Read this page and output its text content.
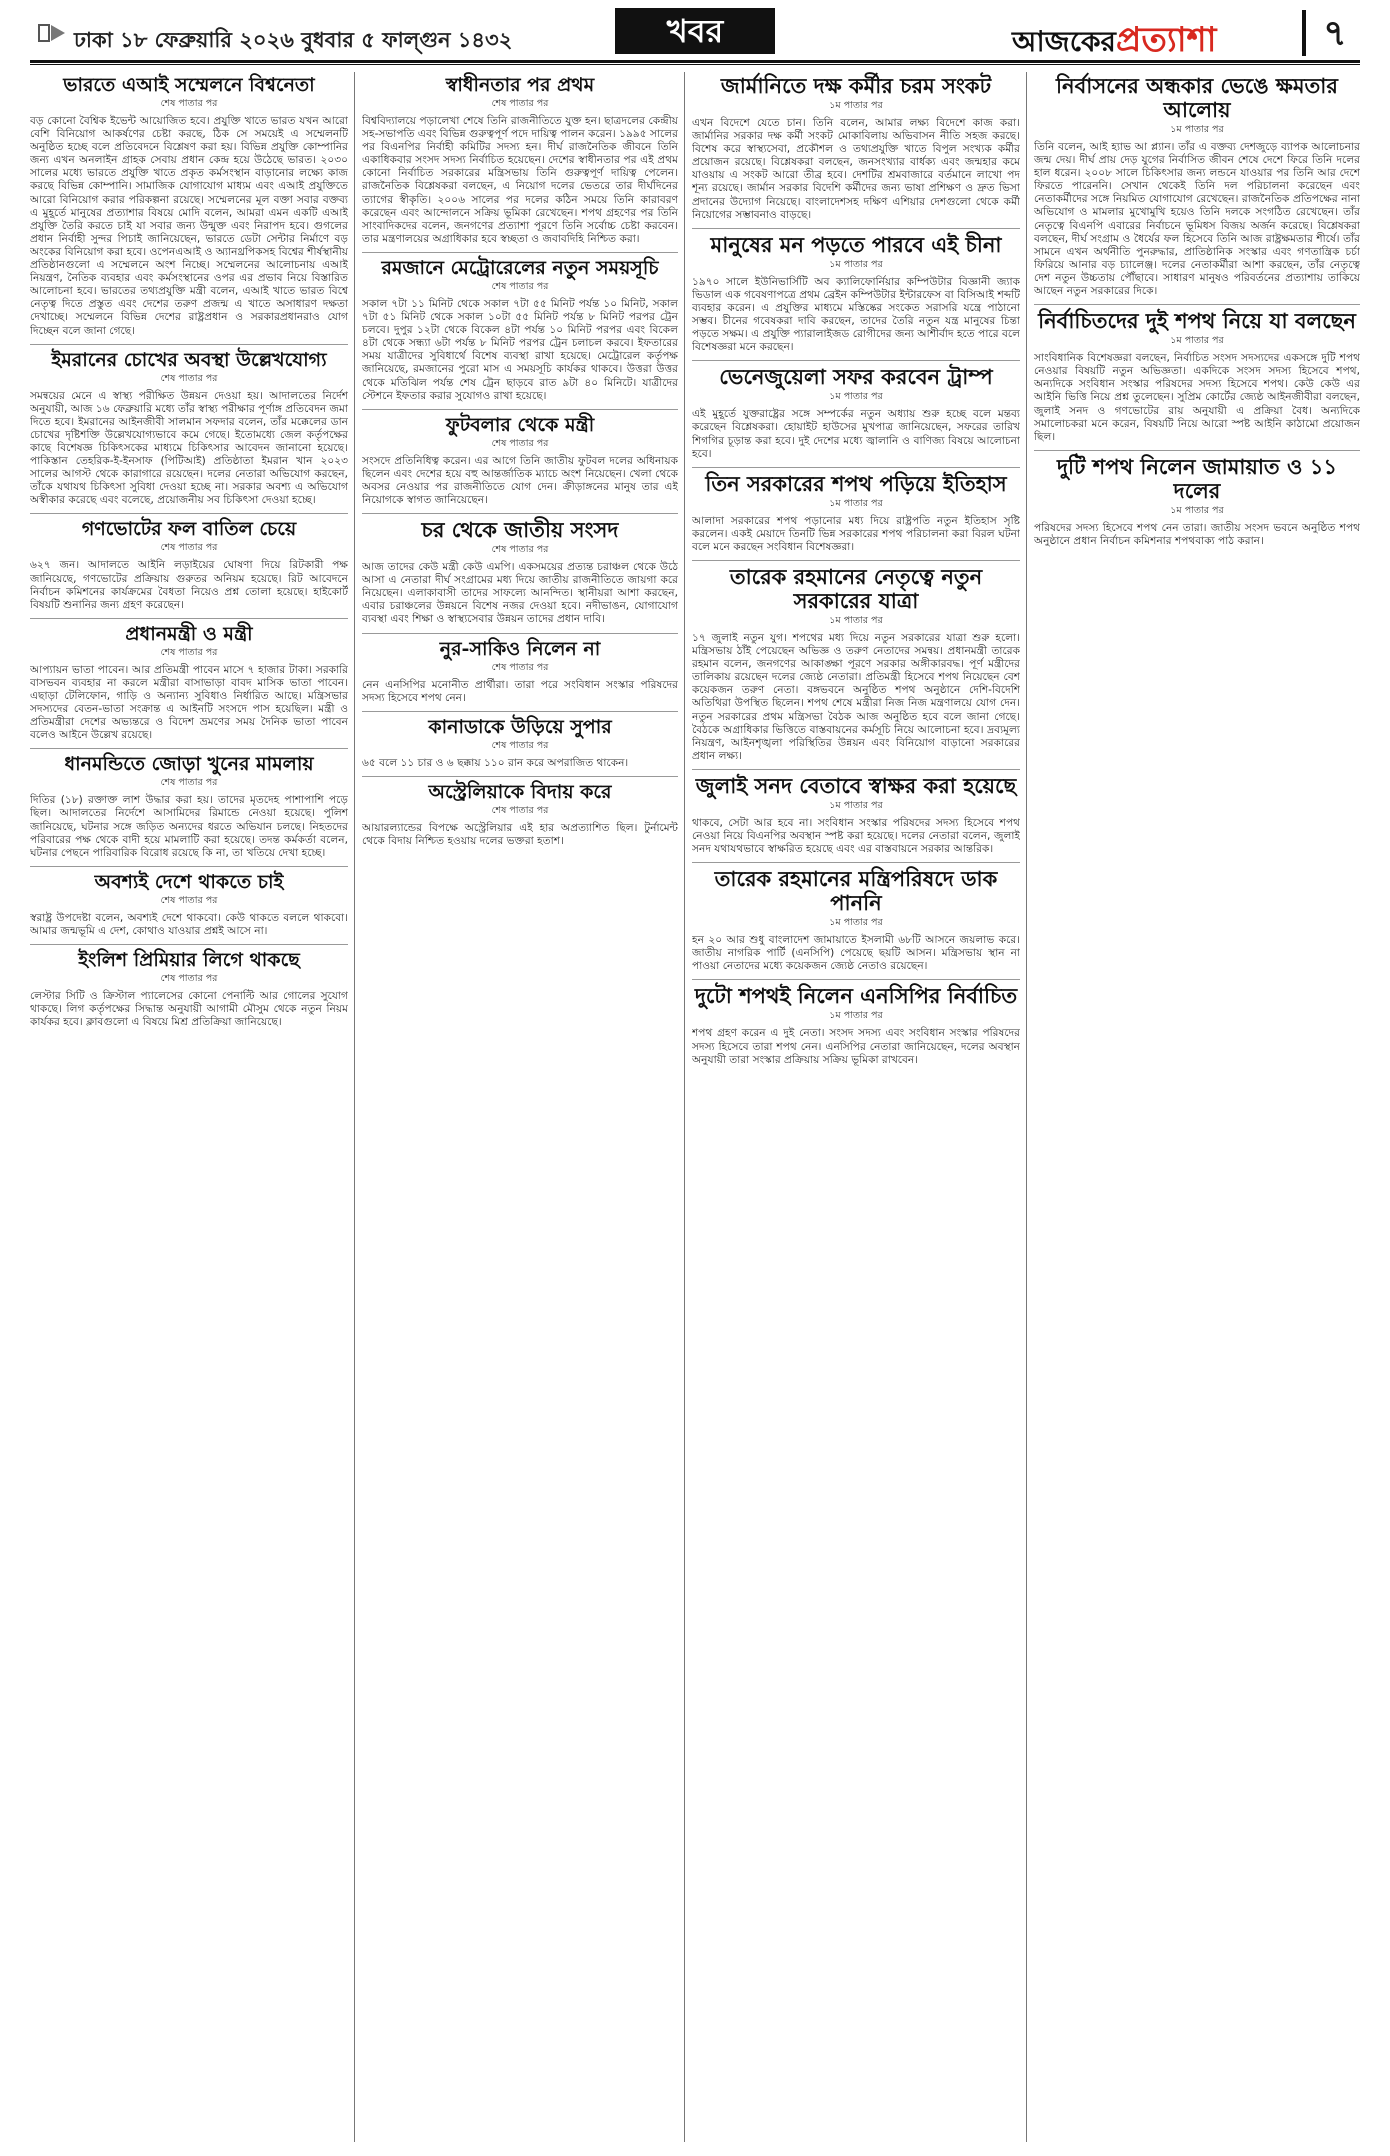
ঢাকা ১৮ ফেব্রুয়ারি ২০২৬ বুধবার ৫ ফাল্গুন ১৪৩২	খবর	আজকেরপ্রত্যাশা	৭
ভারতে এআই সম্মেলনে বিশ্বনেতা
শেষ পাতার পর

বড় কোনো বৈশ্বিক ইভেন্ট আয়োজিত হবে। প্রযুক্তি খাতে ভারত যখন আরো বেশি বিনিয়োগ আকর্ষণের চেষ্টা করছে, ঠিক সে সময়েই এ সম্মেলনটি অনুষ্ঠিত হচ্ছে বলে প্রতিবেদনে বিশ্লেষণ করা হয়। বিভিন্ন প্রযুক্তি কোম্পানির জন্য এখন অনলাইন গ্রাহক সেবায় প্রধান কেন্দ্র হয়ে উঠেছে ভারত। ২০৩০ সালের মধ্যে ভারতে প্রযুক্তি খাতে প্রকৃত কর্মসংস্থান বাড়ানোর লক্ষ্যে কাজ করছে বিভিন্ন কোম্পানি। সামাজিক যোগাযোগ মাধ্যম এবং এআই প্রযুক্তিতে আরো বিনিয়োগ করার পরিকল্পনা রয়েছে। সম্মেলনের মূল বক্তা সবার বক্তব্য এ মুহূর্তে মানুষের প্রত্যাশার বিষয়ে মোদি বলেন, আমরা এমন একটি এআই প্রযুক্তি তৈরি করতে চাই যা সবার জন্য উন্মুক্ত এবং নিরাপদ হবে। গুগলের প্রধান নির্বাহী সুন্দর পিচাই জানিয়েছেন, ভারতে ডেটা সেন্টার নির্মাণে বড় অংকের বিনিয়োগ করা হবে। ওপেনএআই ও অ্যানথ্রপিকসহ বিশ্বের শীর্ষস্থানীয় প্রতিষ্ঠানগুলো এ সম্মেলনে অংশ নিচ্ছে। সম্মেলনের আলোচনায় এআই নিয়ন্ত্রণ, নৈতিক ব্যবহার এবং কর্মসংস্থানের ওপর এর প্রভাব নিয়ে বিস্তারিত আলোচনা হবে। ভারতের তথ্যপ্রযুক্তি মন্ত্রী বলেন, এআই খাতে ভারত বিশ্বে নেতৃত্ব দিতে প্রস্তুত এবং দেশের তরুণ প্রজন্ম এ খাতে অসাধারণ দক্ষতা দেখাচ্ছে। সম্মেলনে বিভিন্ন দেশের রাষ্ট্রপ্রধান ও সরকারপ্রধানরাও যোগ দিচ্ছেন বলে জানা গেছে।

ইমরানের চোখের অবস্থা উল্লেখযোগ্য
শেষ পাতার পর

সমন্বয়ের মেনে এ স্বাস্থ্য পরীক্ষিত উন্নয়ন দেওয়া হয়। আদালতের নির্দেশ অনুযায়ী, আজ ১৬ ফেব্রুয়ারি মধ্যে তাঁর স্বাস্থ্য পরীক্ষার পূর্ণাঙ্গ প্রতিবেদন জমা দিতে হবে। ইমরানের আইনজীবী সালমান সফদার বলেন, তাঁর মক্কেলের ডান চোখের দৃষ্টিশক্তি উল্লেখযোগ্যভাবে কমে গেছে। ইতোমধ্যে জেল কর্তৃপক্ষের কাছে বিশেষজ্ঞ চিকিৎসকের মাধ্যমে চিকিৎসার আবেদন জানানো হয়েছে। পাকিস্তান তেহরিক-ই-ইনসাফ (পিটিআই) প্রতিষ্ঠাতা ইমরান খান ২০২৩ সালের আগস্ট থেকে কারাগারে রয়েছেন। দলের নেতারা অভিযোগ করছেন, তাঁকে যথাযথ চিকিৎসা সুবিধা দেওয়া হচ্ছে না। সরকার অবশ্য এ অভিযোগ অস্বীকার করেছে এবং বলেছে, প্রয়োজনীয় সব চিকিৎসা দেওয়া হচ্ছে।

গণভোটের ফল বাতিল চেয়ে
শেষ পাতার পর

৬২৭ জন। আদালতে আইনি লড়াইয়ের ঘোষণা দিয়ে রিটকারী পক্ষ জানিয়েছে, গণভোটের প্রক্রিয়ায় গুরুতর অনিয়ম হয়েছে। রিট আবেদনে নির্বাচন কমিশনের কার্যক্রমের বৈধতা নিয়েও প্রশ্ন তোলা হয়েছে। হাইকোর্ট বিষয়টি শুনানির জন্য গ্রহণ করেছেন।

প্রধানমন্ত্রী ও মন্ত্রী
শেষ পাতার পর

আপ্যায়ন ভাতা পাবেন। আর প্রতিমন্ত্রী পাবেন মাসে ৭ হাজার টাকা। সরকারি বাসভবন ব্যবহার না করলে মন্ত্রীরা বাসাভাড়া বাবদ মাসিক ভাতা পাবেন। এছাড়া টেলিফোন, গাড়ি ও অন্যান্য সুবিধাও নির্ধারিত আছে। মন্ত্রিসভার সদস্যদের বেতন-ভাতা সংক্রান্ত এ আইনটি সংসদে পাস হয়েছিল। মন্ত্রী ও প্রতিমন্ত্রীরা দেশের অভ্যন্তরে ও বিদেশ ভ্রমণের সময় দৈনিক ভাতা পাবেন বলেও আইনে উল্লেখ রয়েছে।

ধানমন্ডিতে জোড়া খুনের মামলায়
শেষ পাতার পর

দিতির (১৮) রক্তাক্ত লাশ উদ্ধার করা হয়। তাদের মৃতদেহ পাশাপাশি পড়ে ছিল। আদালতের নির্দেশে আসামিদের রিমান্ডে নেওয়া হয়েছে। পুলিশ জানিয়েছে, ঘটনার সঙ্গে জড়িত অন্যদের ধরতে অভিযান চলছে। নিহতদের পরিবারের পক্ষ থেকে বাদী হয়ে মামলাটি করা হয়েছে। তদন্ত কর্মকর্তা বলেন, ঘটনার পেছনে পারিবারিক বিরোধ রয়েছে কি না, তা খতিয়ে দেখা হচ্ছে।

অবশ্যই দেশে থাকতে চাই
শেষ পাতার পর

স্বরাষ্ট্র উপদেষ্টা বলেন, অবশ্যই দেশে থাকবো। কেউ থাকতে বললে থাকবো। আমার জন্মভূমি এ দেশ, কোথাও যাওয়ার প্রশ্নই আসে না।

ইংলিশ প্রিমিয়ার লিগে থাকছে
শেষ পাতার পর

লেস্টার সিটি ও ক্রিস্টাল প্যালেসের কোনো পেনাল্টি আর গোলের সুযোগ থাকছে। লিগ কর্তৃপক্ষের সিদ্ধান্ত অনুযায়ী আগামী মৌসুম থেকে নতুন নিয়ম কার্যকর হবে। ক্লাবগুলো এ বিষয়ে মিশ্র প্রতিক্রিয়া জানিয়েছে।

স্বাধীনতার পর প্রথম
শেষ পাতার পর

বিশ্ববিদ্যালয়ে পড়ালেখা শেষে তিনি রাজনীতিতে যুক্ত হন। ছাত্রদলের কেন্দ্রীয় সহ-সভাপতি এবং বিভিন্ন গুরুত্বপূর্ণ পদে দায়িত্ব পালন করেন। ১৯৯৫ সালের পর বিএনপির নির্বাহী কমিটির সদস্য হন। দীর্ঘ রাজনৈতিক জীবনে তিনি একাধিকবার সংসদ সদস্য নির্বাচিত হয়েছেন। দেশের স্বাধীনতার পর এই প্রথম কোনো নির্বাচিত সরকারের মন্ত্রিসভায় তিনি গুরুত্বপূর্ণ দায়িত্ব পেলেন। রাজনৈতিক বিশ্লেষকরা বলছেন, এ নিয়োগ দলের ভেতরে তার দীর্ঘদিনের ত্যাগের স্বীকৃতি। ২০০৬ সালের পর দলের কঠিন সময়ে তিনি কারাবরণ করেছেন এবং আন্দোলনে সক্রিয় ভূমিকা রেখেছেন। শপথ গ্রহণের পর তিনি সাংবাদিকদের বলেন, জনগণের প্রত্যাশা পূরণে তিনি সর্বোচ্চ চেষ্টা করবেন। তার মন্ত্রণালয়ের অগ্রাধিকার হবে স্বচ্ছতা ও জবাবদিহি নিশ্চিত করা।

রমজানে মেট্রোরেলের নতুন সময়সূচি
শেষ পাতার পর

সকাল ৭টা ১১ মিনিট থেকে সকাল ৭টা ৫৫ মিনিট পর্যন্ত ১০ মিনিট, সকাল ৭টা ৫১ মিনিট থেকে সকাল ১০টা ৫৫ মিনিট পর্যন্ত ৮ মিনিট পরপর ট্রেন চলবে। দুপুর ১২টা থেকে বিকেল ৪টা পর্যন্ত ১০ মিনিট পরপর এবং বিকেল ৪টা থেকে সন্ধ্যা ৬টা পর্যন্ত ৮ মিনিট পরপর ট্রেন চলাচল করবে। ইফতারের সময় যাত্রীদের সুবিধার্থে বিশেষ ব্যবস্থা রাখা হয়েছে। মেট্রোরেল কর্তৃপক্ষ জানিয়েছে, রমজানের পুরো মাস এ সময়সূচি কার্যকর থাকবে। উত্তরা উত্তর থেকে মতিঝিল পর্যন্ত শেষ ট্রেন ছাড়বে রাত ৯টা ৪০ মিনিটে। যাত্রীদের স্টেশনে ইফতার করার সুযোগও রাখা হয়েছে।

ফুটবলার থেকে মন্ত্রী
শেষ পাতার পর

সংসদে প্রতিনিধিত্ব করেন। এর আগে তিনি জাতীয় ফুটবল দলের অধিনায়ক ছিলেন এবং দেশের হয়ে বহু আন্তর্জাতিক ম্যাচে অংশ নিয়েছেন। খেলা থেকে অবসর নেওয়ার পর রাজনীতিতে যোগ দেন। ক্রীড়াঙ্গনের মানুষ তার এই নিয়োগকে স্বাগত জানিয়েছেন।

চর থেকে জাতীয় সংসদ
শেষ পাতার পর

আজ তাদের কেউ মন্ত্রী কেউ এমপি। একসময়ের প্রত্যন্ত চরাঞ্চল থেকে উঠে আসা এ নেতারা দীর্ঘ সংগ্রামের মধ্য দিয়ে জাতীয় রাজনীতিতে জায়গা করে নিয়েছেন। এলাকাবাসী তাদের সাফল্যে আনন্দিত। স্থানীয়রা আশা করছেন, এবার চরাঞ্চলের উন্নয়নে বিশেষ নজর দেওয়া হবে। নদীভাঙন, যোগাযোগ ব্যবস্থা এবং শিক্ষা ও স্বাস্থ্যসেবার উন্নয়ন তাদের প্রধান দাবি।

নুর-সাকিও নিলেন না
শেষ পাতার পর

নেন এনসিপির মনোনীত প্রার্থীরা। তারা পরে সংবিধান সংস্কার পরিষদের সদস্য হিসেবে শপথ নেন।

কানাডাকে উড়িয়ে সুপার
শেষ পাতার পর

৬৫ বলে ১১ চার ও ৬ ছক্কায় ১১০ রান করে অপরাজিত থাকেন।

অস্ট্রেলিয়াকে বিদায় করে
শেষ পাতার পর

আয়ারল্যান্ডের বিপক্ষে অস্ট্রেলিয়ার এই হার অপ্রত্যাশিত ছিল। টুর্নামেন্ট থেকে বিদায় নিশ্চিত হওয়ায় দলের ভক্তরা হতাশ।

জার্মানিতে দক্ষ কর্মীর চরম সংকট
১ম পাতার পর

এখন বিদেশে যেতে চান। তিনি বলেন, আমার লক্ষ্য বিদেশে কাজ করা। জার্মানির সরকার দক্ষ কর্মী সংকট মোকাবিলায় অভিবাসন নীতি সহজ করছে। বিশেষ করে স্বাস্থ্যসেবা, প্রকৌশল ও তথ্যপ্রযুক্তি খাতে বিপুল সংখ্যক কর্মীর প্রয়োজন রয়েছে। বিশ্লেষকরা বলছেন, জনসংখ্যার বার্ধক্য এবং জন্মহার কমে যাওয়ায় এ সংকট আরো তীব্র হবে। দেশটির শ্রমবাজারে বর্তমানে লাখো পদ শূন্য রয়েছে। জার্মান সরকার বিদেশি কর্মীদের জন্য ভাষা প্রশিক্ষণ ও দ্রুত ভিসা প্রদানের উদ্যোগ নিয়েছে। বাংলাদেশসহ দক্ষিণ এশিয়ার দেশগুলো থেকে কর্মী নিয়োগের সম্ভাবনাও বাড়ছে।

মানুষের মন পড়তে পারবে এই চীনা
১ম পাতার পর

১৯৭০ সালে ইউনিভার্সিটি অব ক্যালিফোর্নিয়ার কম্পিউটার বিজ্ঞানী জ্যাক ভিডাল এক গবেষণাপত্রে প্রথম ব্রেইন কম্পিউটার ইন্টারফেস বা বিসিআই শব্দটি ব্যবহার করেন। এ প্রযুক্তির মাধ্যমে মস্তিষ্কের সংকেত সরাসরি যন্ত্রে পাঠানো সম্ভব। চীনের গবেষকরা দাবি করছেন, তাদের তৈরি নতুন যন্ত্র মানুষের চিন্তা পড়তে সক্ষম। এ প্রযুক্তি প্যারালাইজড রোগীদের জন্য আশীর্বাদ হতে পারে বলে বিশেষজ্ঞরা মনে করছেন।

ভেনেজুয়েলা সফর করবেন ট্রাম্প
১ম পাতার পর

এই মুহূর্তে যুক্তরাষ্ট্রের সঙ্গে সম্পর্কের নতুন অধ্যায় শুরু হচ্ছে বলে মন্তব্য করেছেন বিশ্লেষকরা। হোয়াইট হাউসের মুখপাত্র জানিয়েছেন, সফরের তারিখ শিগগির চূড়ান্ত করা হবে। দুই দেশের মধ্যে জ্বালানি ও বাণিজ্য বিষয়ে আলোচনা হবে।

তিন সরকারের শপথ পড়িয়ে ইতিহাস
১ম পাতার পর

আলাদা সরকারের শপথ পড়ানোর মধ্য দিয়ে রাষ্ট্রপতি নতুন ইতিহাস সৃষ্টি করলেন। একই মেয়াদে তিনটি ভিন্ন সরকারের শপথ পরিচালনা করা বিরল ঘটনা বলে মনে করছেন সংবিধান বিশেষজ্ঞরা।

তারেক রহমানের নেতৃত্বে নতুন সরকারের যাত্রা
১ম পাতার পর

১৭ জুলাই নতুন যুগ। শপথের মধ্য দিয়ে নতুন সরকারের যাত্রা শুরু হলো। মন্ত্রিসভায় ঠাঁই পেয়েছেন অভিজ্ঞ ও তরুণ নেতাদের সমন্বয়। প্রধানমন্ত্রী তারেক রহমান বলেন, জনগণের আকাঙ্ক্ষা পূরণে সরকার অঙ্গীকারবদ্ধ। পূর্ণ মন্ত্রীদের তালিকায় রয়েছেন দলের জ্যেষ্ঠ নেতারা। প্রতিমন্ত্রী হিসেবে শপথ নিয়েছেন বেশ কয়েকজন তরুণ নেতা। বঙ্গভবনে অনুষ্ঠিত শপথ অনুষ্ঠানে দেশি-বিদেশি অতিথিরা উপস্থিত ছিলেন। শপথ শেষে মন্ত্রীরা নিজ নিজ মন্ত্রণালয়ে যোগ দেন। নতুন সরকারের প্রথম মন্ত্রিসভা বৈঠক আজ অনুষ্ঠিত হবে বলে জানা গেছে। বৈঠকে অগ্রাধিকার ভিত্তিতে বাস্তবায়নের কর্মসূচি নিয়ে আলোচনা হবে। দ্রব্যমূল্য নিয়ন্ত্রণ, আইনশৃঙ্খলা পরিস্থিতির উন্নয়ন এবং বিনিয়োগ বাড়ানো সরকারের প্রধান লক্ষ্য।

জুলাই সনদ বেতাবে স্বাক্ষর করা হয়েছে
১ম পাতার পর

থাকবে, সেটা আর হবে না। সংবিধান সংস্কার পরিষদের সদস্য হিসেবে শপথ নেওয়া নিয়ে বিএনপির অবস্থান স্পষ্ট করা হয়েছে। দলের নেতারা বলেন, জুলাই সনদ যথাযথভাবে স্বাক্ষরিত হয়েছে এবং এর বাস্তবায়নে সরকার আন্তরিক।

তারেক রহমানের মন্ত্রিপরিষদে ডাক পাননি
১ম পাতার পর

হন ২০ আর শুধু বাংলাদেশ জামায়াতে ইসলামী ৬৮টি আসনে জয়লাভ করে। জাতীয় নাগরিক পার্টি (এনসিপি) পেয়েছে ছয়টি আসন। মন্ত্রিসভায় স্থান না পাওয়া নেতাদের মধ্যে কয়েকজন জ্যেষ্ঠ নেতাও রয়েছেন।

দুটো শপথই নিলেন এনসিপির নির্বাচিত
১ম পাতার পর

শপথ গ্রহণ করেন এ দুই নেতা। সংসদ সদস্য এবং সংবিধান সংস্কার পরিষদের সদস্য হিসেবে তারা শপথ নেন। এনসিপির নেতারা জানিয়েছেন, দলের অবস্থান অনুযায়ী তারা সংস্কার প্রক্রিয়ায় সক্রিয় ভূমিকা রাখবেন।

নির্বাসনের অন্ধকার ভেঙে ক্ষমতার আলোয়
১ম পাতার পর

তিনি বলেন, আই হ্যাভ আ প্ল্যান। তাঁর এ বক্তব্য দেশজুড়ে ব্যাপক আলোচনার জন্ম দেয়। দীর্ঘ প্রায় দেড় যুগের নির্বাসিত জীবন শেষে দেশে ফিরে তিনি দলের হাল ধরেন। ২০০৮ সালে চিকিৎসার জন্য লন্ডনে যাওয়ার পর তিনি আর দেশে ফিরতে পারেননি। সেখান থেকেই তিনি দল পরিচালনা করেছেন এবং নেতাকর্মীদের সঙ্গে নিয়মিত যোগাযোগ রেখেছেন। রাজনৈতিক প্রতিপক্ষের নানা অভিযোগ ও মামলার মুখোমুখি হয়েও তিনি দলকে সংগঠিত রেখেছেন। তাঁর নেতৃত্বে বিএনপি এবারের নির্বাচনে ভূমিধস বিজয় অর্জন করেছে। বিশ্লেষকরা বলছেন, দীর্ঘ সংগ্রাম ও ধৈর্যের ফল হিসেবে তিনি আজ রাষ্ট্রক্ষমতার শীর্ষে। তাঁর সামনে এখন অর্থনীতি পুনরুদ্ধার, প্রাতিষ্ঠানিক সংস্কার এবং গণতান্ত্রিক চর্চা ফিরিয়ে আনার বড় চ্যালেঞ্জ। দলের নেতাকর্মীরা আশা করছেন, তাঁর নেতৃত্বে দেশ নতুন উচ্চতায় পৌঁছাবে। সাধারণ মানুষও পরিবর্তনের প্রত্যাশায় তাকিয়ে আছেন নতুন সরকারের দিকে।

নির্বাচিতদের দুই শপথ নিয়ে যা বলছেন
১ম পাতার পর

সাংবিধানিক বিশেষজ্ঞরা বলছেন, নির্বাচিত সংসদ সদস্যদের একসঙ্গে দুটি শপথ নেওয়ার বিষয়টি নতুন অভিজ্ঞতা। একদিকে সংসদ সদস্য হিসেবে শপথ, অন্যদিকে সংবিধান সংস্কার পরিষদের সদস্য হিসেবে শপথ। কেউ কেউ এর আইনি ভিত্তি নিয়ে প্রশ্ন তুলেছেন। সুপ্রিম কোর্টের জ্যেষ্ঠ আইনজীবীরা বলছেন, জুলাই সনদ ও গণভোটের রায় অনুযায়ী এ প্রক্রিয়া বৈধ। অন্যদিকে সমালোচকরা মনে করেন, বিষয়টি নিয়ে আরো স্পষ্ট আইনি কাঠামো প্রয়োজন ছিল।

দুটি শপথ নিলেন জামায়াত ও ১১ দলের
১ম পাতার পর

পরিষদের সদস্য হিসেবে শপথ নেন তারা। জাতীয় সংসদ ভবনে অনুষ্ঠিত শপথ অনুষ্ঠানে প্রধান নির্বাচন কমিশনার শপথবাক্য পাঠ করান।
